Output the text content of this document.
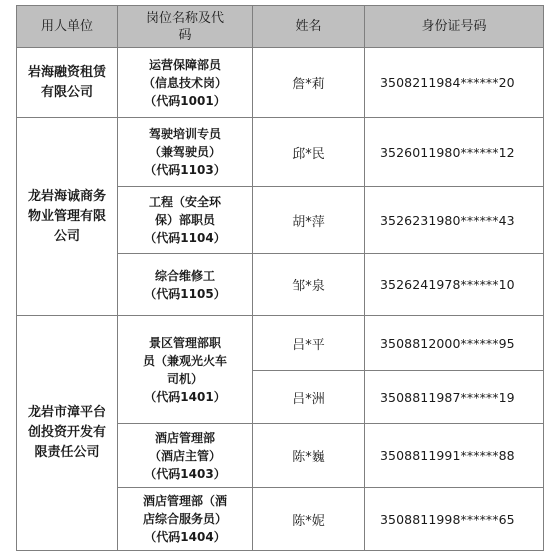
用人单位	岗位名称及代
码	姓名	身份证号码

岩海融资租赁
有限公司	运营保障部员
（信息技术岗）
（代码1001）	詹*莉	3508211984******20

龙岩海诚商务
物业管理有限
公司	驾驶培训专员
（兼驾驶员）
（代码1103）	邱*民	3526011980******12

	工程（安全环
保）部职员
（代码1104）	胡*萍	3526231980******43

	综合维修工
（代码1105）	邹*泉	3526241978******10

龙岩市漳平台
创投资开发有
限责任公司	景区管理部职
员（兼观光火车
司机）
（代码1401）	吕*平	3508812000******95
		吕*洲	3508811987******19

	酒店管理部
（酒店主管）
（代码1403）	陈*巍	3508811991******88

	酒店管理部（酒
店综合服务员）
（代码1404）	陈*妮	3508811998******65
